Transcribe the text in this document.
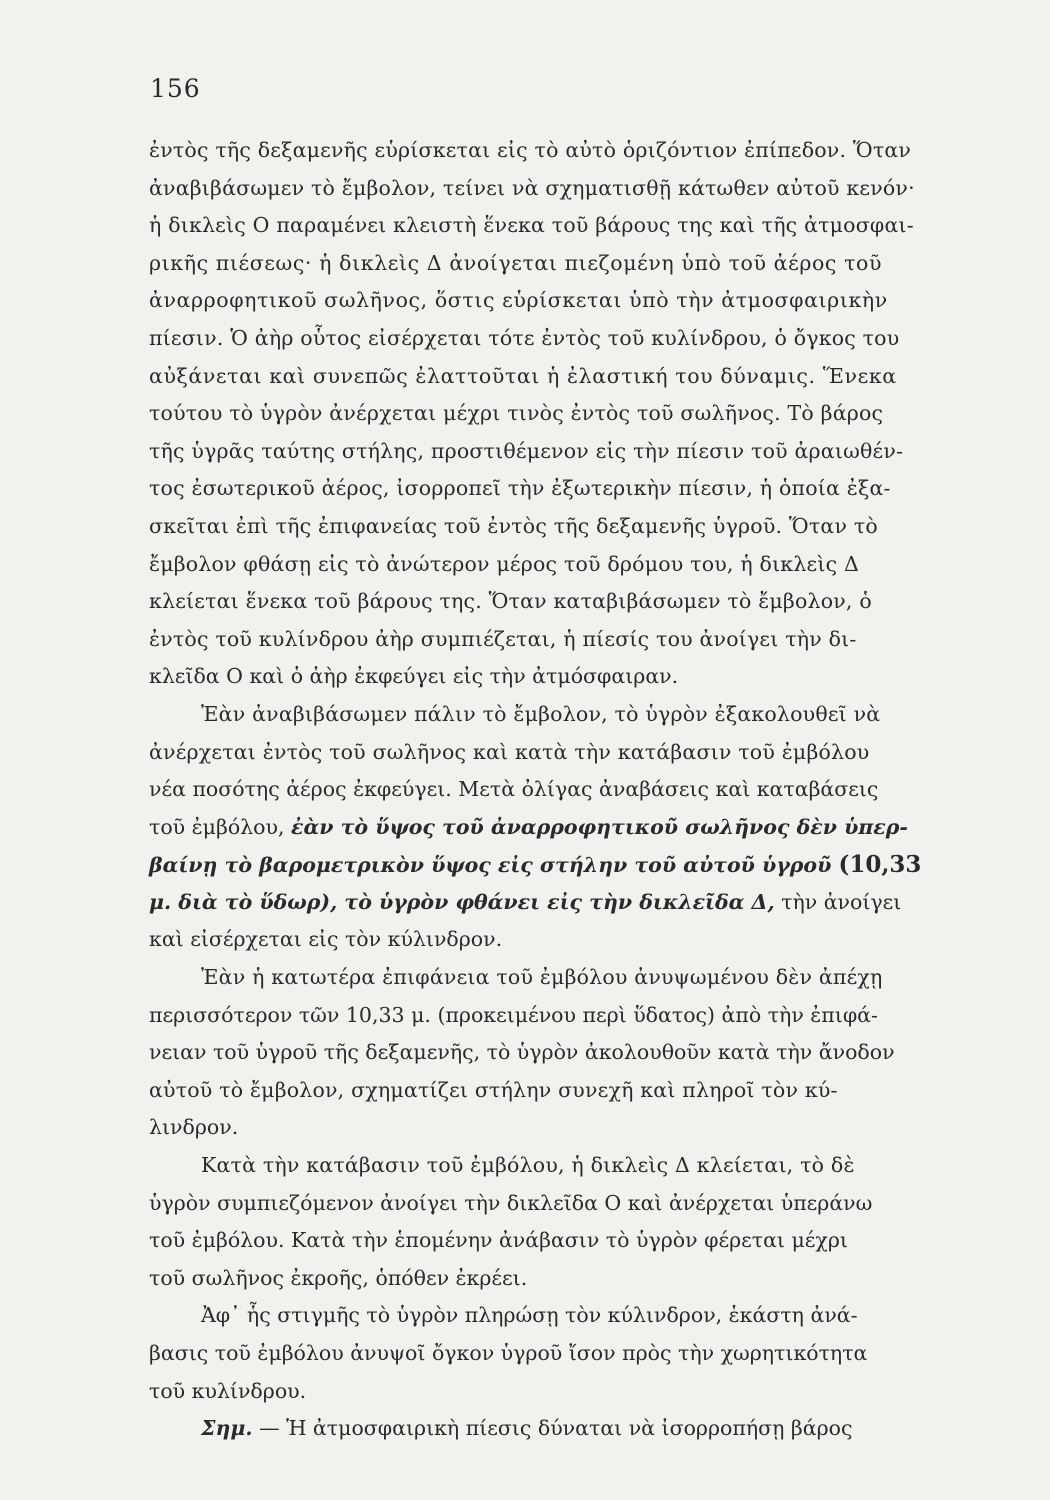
156
ἐντὸς τῆς δεξαμενῆς εὑρίσκεται εἰς τὸ αὐτὸ ὁριζόντιον ἐπίπεδον. Ὅταν
ἀναβιβάσωμεν τὸ ἔμβολον, τείνει νὰ σχηματισθῇ κάτωθεν αὐτοῦ κενόν·
ἡ δικλεὶς Ο παραμένει κλειστὴ ἕνεκα τοῦ βάρους της καὶ τῆς ἀτμοσφαι-
ρικῆς πιέσεως· ἡ δικλεὶς Δ ἀνοίγεται πιεζομένη ὑπὸ τοῦ ἀέρος τοῦ
ἀναρροφητικοῦ σωλῆνος, ὅστις εὑρίσκεται ὑπὸ τὴν ἀτμοσφαιρικὴν
πίεσιν. Ὁ ἀὴρ οὗτος εἰσέρχεται τότε ἐντὸς τοῦ κυλίνδρου, ὁ ὄγκος του
αὐξάνεται καὶ συνεπῶς ἐλαττοῦται ἡ ἐλαστική του δύναμις. Ἕνεκα
τούτου τὸ ὑγρὸν ἀνέρχεται μέχρι τινὸς ἐντὸς τοῦ σωλῆνος. Τὸ βάρος
τῆς ὑγρᾶς ταύτης στήλης, προστιθέμενον εἰς τὴν πίεσιν τοῦ ἀραιωθέν-
τος ἐσωτερικοῦ ἀέρος, ἰσορροπεῖ τὴν ἐξωτερικὴν πίεσιν, ἡ ὁποία ἐξα-
σκεῖται ἐπὶ τῆς ἐπιφανείας τοῦ ἐντὸς τῆς δεξαμενῆς ὑγροῦ. Ὅταν τὸ
ἔμβολον φθάσῃ εἰς τὸ ἀνώτερον μέρος τοῦ δρόμου του, ἡ δικλεὶς Δ
κλείεται ἕνεκα τοῦ βάρους της. Ὅταν καταβιβάσωμεν τὸ ἔμβολον, ὁ
ἐντὸς τοῦ κυλίνδρου ἀὴρ συμπιέζεται, ἡ πίεσίς του ἀνοίγει τὴν δι-
κλεῖδα Ο καὶ ὁ ἀὴρ ἐκφεύγει εἰς τὴν ἀτμόσφαιραν.
Ἐὰν ἀναβιβάσωμεν πάλιν τὸ ἔμβολον, τὸ ὑγρὸν ἐξακολουθεῖ νὰ
ἀνέρχεται ἐντὸς τοῦ σωλῆνος καὶ κατὰ τὴν κατάβασιν τοῦ ἐμβόλου
νέα ποσότης ἀέρος ἐκφεύγει. Μετὰ ὀλίγας ἀναβάσεις καὶ καταβάσεις
τοῦ ἐμβόλου, ἐὰν τὸ ὕψος τοῦ ἀναρροφητικοῦ σωλῆνος δὲν ὑπερ-
βαίνῃ τὸ βαρομετρικὸν ὕψος εἰς στήλην τοῦ αὐτοῦ ὑγροῦ (10,33
μ. διὰ τὸ ὕδωρ), τὸ ὑγρὸν φθάνει εἰς τὴν δικλεῖδα Δ, τὴν ἀνοίγει
καὶ εἰσέρχεται εἰς τὸν κύλινδρον.
Ἐὰν ἡ κατωτέρα ἐπιφάνεια τοῦ ἐμβόλου ἀνυψωμένου δὲν ἀπέχῃ
περισσότερον τῶν 10,33 μ. (προκειμένου περὶ ὕδατος) ἀπὸ τὴν ἐπιφά-
νειαν τοῦ ὑγροῦ τῆς δεξαμενῆς, τὸ ὑγρὸν ἀκολουθοῦν κατὰ τὴν ἄνοδον
αὐτοῦ τὸ ἔμβολον, σχηματίζει στήλην συνεχῆ καὶ πληροῖ τὸν κύ-
λινδρον.
Κατὰ τὴν κατάβασιν τοῦ ἐμβόλου, ἡ δικλεὶς Δ κλείεται, τὸ δὲ
ὑγρὸν συμπιεζόμενον ἀνοίγει τὴν δικλεῖδα Ο καὶ ἀνέρχεται ὑπεράνω
τοῦ ἐμβόλου. Κατὰ τὴν ἑπομένην ἀνάβασιν τὸ ὑγρὸν φέρεται μέχρι
τοῦ σωλῆνος ἐκροῆς, ὁπόθεν ἐκρέει.
Ἀφ᾿ ἧς στιγμῆς τὸ ὑγρὸν πληρώσῃ τὸν κύλινδρον, ἑκάστη ἀνά-
βασις τοῦ ἐμβόλου ἀνυψοῖ ὄγκον ὑγροῦ ἴσον πρὸς τὴν χωρητικότητα
τοῦ κυλίνδρου.
Σημ. — Ἡ ἀτμοσφαιρικὴ πίεσις δύναται νὰ ἰσορροπήσῃ βάρος
